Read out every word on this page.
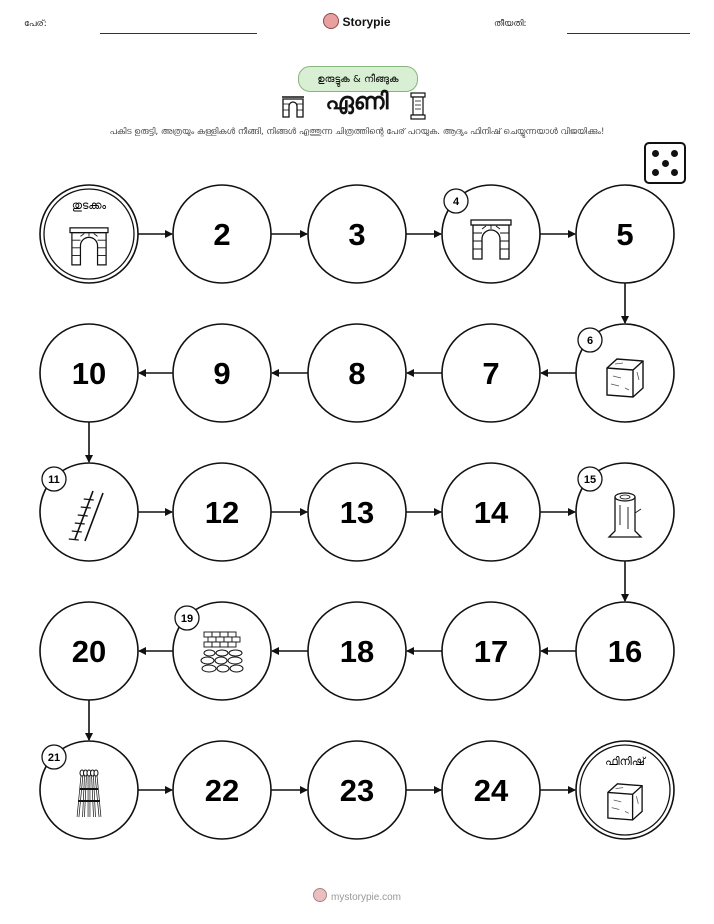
പേര്:	Storypie	തീയതി:
ഉരുട്ടുക & നീങ്ങുക
ഏണി
പകിട ഉരുട്ടി, അത്രയും കള്ളികൾ നീങ്ങി, നിങ്ങൾ എത്തുന്ന ചിത്രത്തിന്റെ പേര് പറയുക. ആദ്യം ഫിനിഷ് ചെയ്യുന്നയാൾ വിജയിക്കും!
തുടക്കം
2	3
4
5
6
7
8
9
10
11
12	13	14
15
16
17
18
19
20
21
22	23	24
ഫിനിഷ്
mystorypie.com
